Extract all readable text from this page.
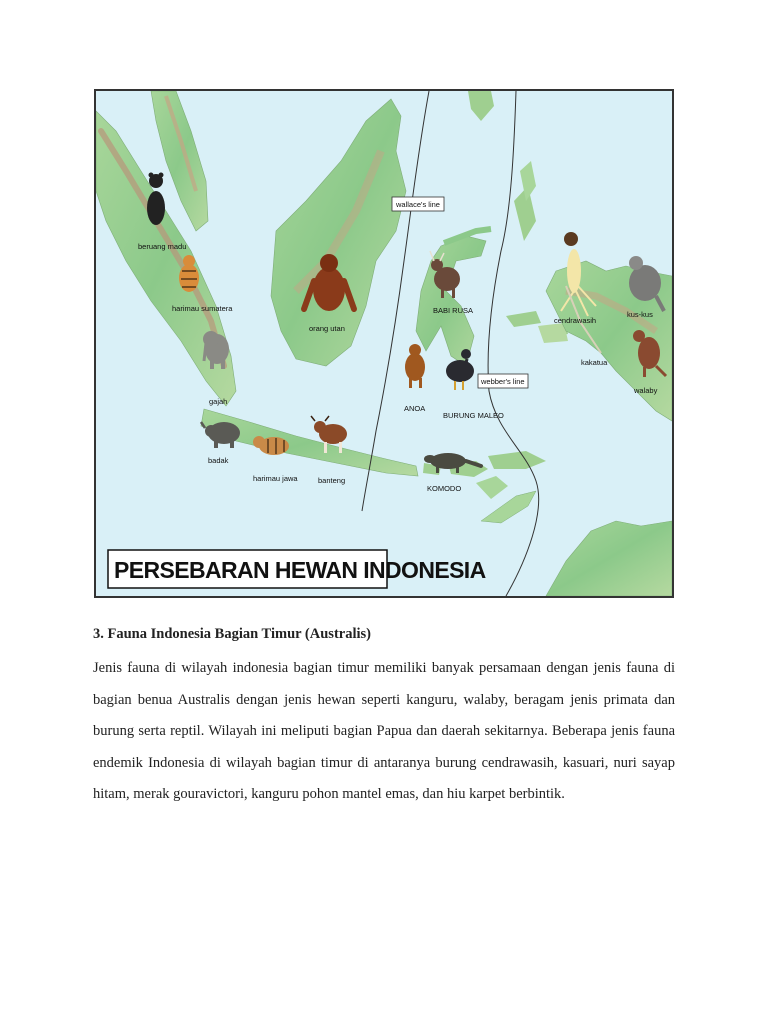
wallace's line
webber's line
beruang madu
harimau sumatera
gajah
badak
harimau jawa	banteng
orang utan
BABI RUSA
ANOA
BURUNG MALEO
KOMODO
cendrawasih
kus-kus
kakatua
walaby
PERSEBARAN HEWAN INDONESIA
3. Fauna Indonesia Bagian Timur (Australis)

Jenis fauna di wilayah indonesia bagian timur memiliki banyak persamaan dengan jenis fauna di bagian benua Australis dengan jenis hewan seperti kanguru, walaby, beragam jenis primata dan burung serta reptil. Wilayah ini meliputi bagian Papua dan daerah sekitarnya. Beberapa jenis fauna endemik Indonesia di wilayah bagian timur di antaranya burung cendrawasih, kasuari, nuri sayap hitam, merak gouravictori, kanguru pohon mantel emas, dan hiu karpet berbintik.
